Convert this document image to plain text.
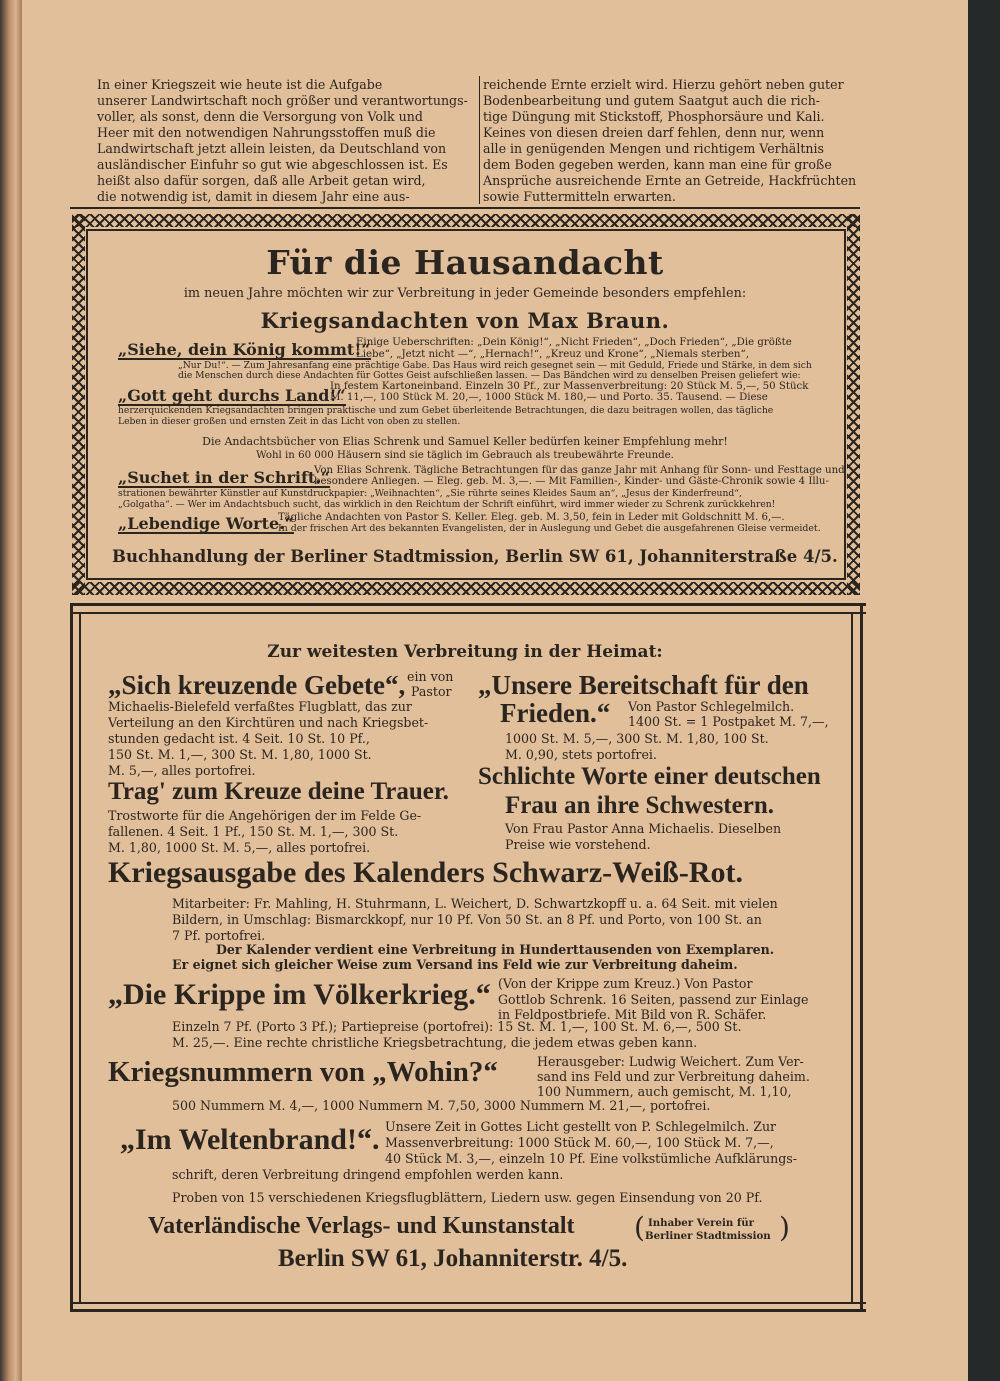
In einer Kriegszeit wie heute ist die Aufgabe
unserer Landwirtschaft noch größer und verantwortungs-
voller, als sonst, denn die Versorgung von Volk und
Heer mit den notwendigen Nahrungsstoffen muß die
Landwirtschaft jetzt allein leisten, da Deutschland von
ausländischer Einfuhr so gut wie abgeschlossen ist. Es
heißt also dafür sorgen, daß alle Arbeit getan wird,
die notwendig ist, damit in diesem Jahr eine aus-
reichende Ernte erzielt wird. Hierzu gehört neben guter
Bodenbearbeitung und gutem Saatgut auch die rich-
tige Düngung mit Stickstoff, Phosphorsäure und Kali.
Keines von diesen dreien darf fehlen, denn nur, wenn
alle in genügenden Mengen und richtigem Verhältnis
dem Boden gegeben werden, kann man eine für große
Ansprüche ausreichende Ernte an Getreide, Hackfrüchten
sowie Futtermitteln erwarten.
Für die Hausandacht
im neuen Jahre möchten wir zur Verbreitung in jeder Gemeinde besonders empfehlen:
Kriegsandachten von Max Braun.
„Siehe, dein König kommt!“
Einige Ueberschriften: „Dein König!“, „Nicht Frieden“, „Doch Frieden“, „Die größte
Liebe“, „Jetzt nicht —“, „Hernach!“, „Kreuz und Krone“, „Niemals sterben“,
„Nur Du!“. — Zum Jahresanfang eine prächtige Gabe. Das Haus wird reich gesegnet sein — mit Geduld, Friede und Stärke, in dem sich
die Menschen durch diese Andachten für Gottes Geist aufschließen lassen. — Das Bändchen wird zu denselben Preisen geliefert wie:
„Gott geht durchs Land!“
In festem Kartoneinband. Einzeln 30 Pf., zur Massenverbreitung: 20 Stück M. 5,—, 50 Stück
M. 11,—, 100 Stück M. 20,—, 1000 Stück M. 180,— und Porto. 35. Tausend. — Diese
herzerquickenden Kriegsandachten bringen praktische und zum Gebet überleitende Betrachtungen, die dazu beitragen wollen, das tägliche
Leben in dieser großen und ernsten Zeit in das Licht von oben zu stellen.
Die Andachtsbücher von Elias Schrenk und Samuel Keller bedürfen keiner Empfehlung mehr!
Wohl in 60 000 Häusern sind sie täglich im Gebrauch als treubewährte Freunde.
„Suchet in der Schrift.“
Von Elias Schrenk. Tägliche Betrachtungen für das ganze Jahr mit Anhang für Sonn- und Festtage und
besondere Anliegen. — Eleg. geb. M. 3,—. — Mit Familien-, Kinder- und Gäste-Chronik sowie 4 Illu-
strationen bewährter Künstler auf Kunstdruckpapier: „Weihnachten“, „Sie rührte seines Kleides Saum an“, „Jesus der Kinderfreund“,
„Golgatha“. — Wer im Andachtsbuch sucht, das wirklich in den Reichtum der Schrift einführt, wird immer wieder zu Schrenk zurückkehren!
„Lebendige Worte.“
Tägliche Andachten von Pastor S. Keller. Eleg. geb. M. 3,50, fein in Leder mit Goldschnitt M. 6,—.
In der frischen Art des bekannten Evangelisten, der in Auslegung und Gebet die ausgefahrenen Gleise vermeidet.
Buchhandlung der Berliner Stadtmission, Berlin SW 61, Johanniterstraße 4/5.
Zur weitesten Verbreitung in der Heimat:
„Sich kreuzende Gebete“, ein von
Pastor
Michaelis-Bielefeld verfaßtes Flugblatt, das zur
Verteilung an den Kirchtüren und nach Kriegsbet-
stunden gedacht ist. 4 Seit. 10 St. 10 Pf.,
150 St. M. 1,—, 300 St. M. 1,80, 1000 St.
M. 5,—, alles portofrei.
„Unsere Bereitschaft für den
Frieden.“ Von Pastor Schlegelmilch.
1400 St. = 1 Postpaket M. 7,—,
1000 St. M. 5,—, 300 St. M. 1,80, 100 St.
M. 0,90, stets portofrei.
Trag' zum Kreuze deine Trauer.
Trostworte für die Angehörigen der im Felde Ge-
fallenen. 4 Seit. 1 Pf., 150 St. M. 1,—, 300 St.
M. 1,80, 1000 St. M. 5,—, alles portofrei.
Schlichte Worte einer deutschen
Frau an ihre Schwestern.
Von Frau Pastor Anna Michaelis. Dieselben
Preise wie vorstehend.
Kriegsausgabe des Kalenders Schwarz-Weiß-Rot.
Mitarbeiter: Fr. Mahling, H. Stuhrmann, L. Weichert, D. Schwartzkopff u. a. 64 Seit. mit vielen
Bildern, in Umschlag: Bismarckkopf, nur 10 Pf. Von 50 St. an 8 Pf. und Porto, von 100 St. an
7 Pf. portofrei.
Der Kalender verdient eine Verbreitung in Hunderttausenden von Exemplaren.
Er eignet sich gleicher Weise zum Versand ins Feld wie zur Verbreitung daheim.
„Die Krippe im Völkerkrieg.“ (Von der Krippe zum Kreuz.) Von Pastor
Gottlob Schrenk. 16 Seiten, passend zur Einlage
in Feldpostbriefe. Mit Bild von R. Schäfer.
Einzeln 7 Pf. (Porto 3 Pf.); Partiepreise (portofrei): 15 St. M. 1,—, 100 St. M. 6,—, 500 St.
M. 25,—. Eine rechte christliche Kriegsbetrachtung, die jedem etwas geben kann.
Kriegsnummern von „Wohin?“	Herausgeber: Ludwig Weichert. Zum Ver-
sand ins Feld und zur Verbreitung daheim.
100 Nummern, auch gemischt, M. 1,10,
500 Nummern M. 4,—, 1000 Nummern M. 7,50, 3000 Nummern M. 21,—, portofrei.
„Im Weltenbrand!“. Unsere Zeit in Gottes Licht gestellt von P. Schlegelmilch. Zur
Massenverbreitung: 1000 Stück M. 60,—, 100 Stück M. 7,—,
40 Stück M. 3,—, einzeln 10 Pf. Eine volkstümliche Aufklärungs-
schrift, deren Verbreitung dringend empfohlen werden kann.
Proben von 15 verschiedenen Kriegsflugblättern, Liedern usw. gegen Einsendung von 20 Pf.
Vaterländische Verlags- und Kunstanstalt ( Inhaber Verein für
Berliner Stadtmission )
Berlin SW 61, Johanniterstr. 4/5.
